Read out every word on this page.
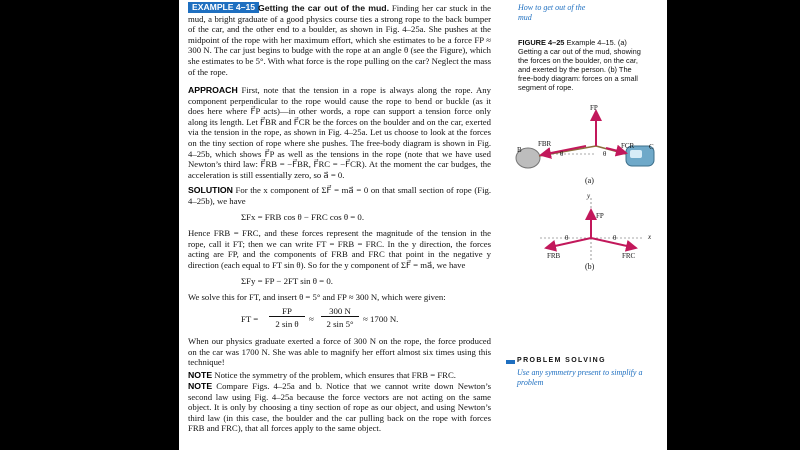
EXAMPLE 4–15 Getting the car out of the mud. Finding her car stuck in the mud, a bright graduate of a good physics course ties a strong rope to the back bumper of the car, and the other end to a boulder, as shown in Fig. 4–25a. She pushes at the midpoint of the rope with her maximum effort, which she estimates to be a force FP ≈ 300 N. The car just begins to budge with the rope at an angle θ (see the Figure), which she estimates to be 5°. With what force is the rope pulling on the car? Neglect the mass of the rope.

APPROACH First, note that the tension in a rope is always along the rope. Any component perpendicular to the rope would cause the rope to bend or buckle (as it does here where F⃗P acts)—in other words, a rope can support a tension force only along its length. Let F⃗BR and F⃗CR be the forces on the boulder and on the car, exerted via the tension in the rope, as shown in Fig. 4–25a. Let us choose to look at the forces on the tiny section of rope where she pushes. The free-body diagram is shown in Fig. 4–25b, which shows F⃗P as well as the tensions in the rope (note that we have used Newton’s third law: F⃗RB = −F⃗BR, F⃗RC = −F⃗CR). At the moment the car budges, the acceleration is still essentially zero, so a⃗ = 0.

SOLUTION For the x component of ΣF⃗ = ma⃗ = 0 on that small section of rope (Fig. 4–25b), we have

ΣFx = FRB cos θ − FRC cos θ = 0.

Hence FRB = FRC, and these forces represent the magnitude of the tension in the rope, call it FT; then we can write FT = FRB = FRC. In the y direction, the forces acting are FP, and the components of FRB and FRC that point in the negative y direction (each equal to FT sin θ). So for the y component of ΣF⃗ = ma⃗, we have

ΣFy = FP − 2FT sin θ = 0.

We solve this for FT, and insert θ = 5° and FP ≈ 300 N, which were given:

FT =
FP
2 sin θ	≈
300 N
2 sin 5°	≈ 1700 N.

When our physics graduate exerted a force of 300 N on the rope, the force produced on the car was 1700 N. She was able to magnify her effort almost six times using this technique!

NOTE Notice the symmetry of the problem, which ensures that FRB = FRC.

NOTE Compare Figs. 4–25a and b. Notice that we cannot write down Newton’s second law using Fig. 4–25a because the force vectors are not acting on the same object. It is only by choosing a tiny section of rope as our object, and using Newton’s third law (in this case, the boulder and the car pulling back on the rope with forces FRB and FRC), that all forces apply to the same object.

How to get out of the mud
FIGURE 4–25 Example 4–15. (a) Getting a car out of the mud, showing the forces on the boulder, on the car, and exerted by the person. (b) The free-body diagram: forces on a small segment of rope.
FP
FBR	FCR
θ	θ
B	C
(a)
y
x
FP
FRB	FRC
θ	θ
(b)
PROBLEM SOLVING
Use any symmetry present to simplify a problem
